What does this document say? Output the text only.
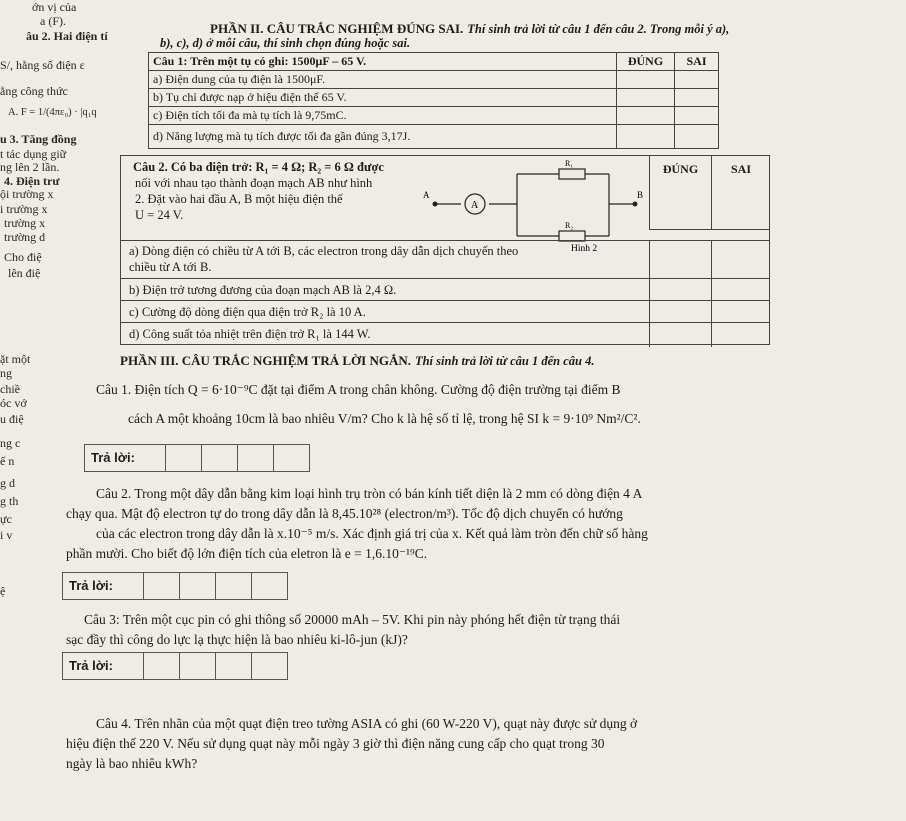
ớn vị của
a (F).
âu 2. Hai điện tí
S/, hằng số điện ε
ằng công thức
A. F = 1/(4πε₀) · |q₁q
u 3. Tăng đồng
t tác dụng giữ
ng lên 2 lần.
4. Điện trư
ội trường x
i trường x
trường x
trường d
Cho điệ
lên điệ
ặt một
ng
chiề
óc vớ
u điệ
ng c
ế n
g d
g th
ực
i v
ệ
PHẦN II. CÂU TRẮC NGHIỆM ĐÚNG SAI. Thí sinh trả lời từ câu 1 đến câu 2. Trong mỗi ý a),
b), c), d) ở mỗi câu, thí sinh chọn đúng hoặc sai.
Câu 1: Trên một tụ có ghi: 1500μF – 65 V.	ĐÚNG	SAI
a) Điện dung của tụ điện là 1500μF.		
b) Tụ chỉ được nạp ở hiệu điện thế 65 V.		
c) Điện tích tối đa mà tụ tích là 9,75mC.		
d) Năng lượng mà tụ tích được tối đa gần đúng 3,17J.		
Câu 2. Có ba điện trở: R₁ = 4 Ω; R₂ = 6 Ω được
nối với nhau tạo thành đoạn mạch AB như hình
2. Đặt vào hai đầu A, B một hiệu điện thế
U = 24 V.
A	B
A
R₁
R₂
Hình 2
ĐÚNG	SAI
a) Dòng điện có chiều từ A tới B, các electron trong dây dẫn dịch chuyển theo
chiều từ A tới B.
b) Điện trở tương đương của đoạn mạch AB là 2,4 Ω.
c) Cường độ dòng điện qua điện trở R₂ là 10 A.
d) Công suất tỏa nhiệt trên điện trở R₁ là 144 W.
PHẦN III. CÂU TRẮC NGHIỆM TRẢ LỜI NGẮN. Thí sinh trả lời từ câu 1 đến câu 4.
Câu 1. Điện tích Q = 6·10⁻⁹C đặt tại điểm A trong chân không. Cường độ điện trường tại điểm B
cách A một khoảng 10cm là bao nhiêu V/m? Cho k là hệ số tỉ lệ, trong hệ SI k = 9·10⁹ Nm²/C².
Trả lời:
Câu 2. Trong một dây dẫn bằng kim loại hình trụ tròn có bán kính tiết diện là 2 mm có dòng điện 4 A
chạy qua. Mật độ electron tự do trong dây dẫn là 8,45.10²⁸ (electron/m³). Tốc độ dịch chuyển có hướng
của các electron trong dây dẫn là x.10⁻⁵ m/s. Xác định giá trị của x. Kết quả làm tròn đến chữ số hàng
phần mười. Cho biết độ lớn điện tích của eletron là e = 1,6.10⁻¹⁹C.
Trả lời:
Câu 3: Trên một cục pin có ghi thông số 20000 mAh – 5V. Khi pin này phóng hết điện từ trạng thái
sạc đầy thì công do lực lạ thực hiện là bao nhiêu ki-lô-jun (kJ)?
Trả lời:
Câu 4. Trên nhãn của một quạt điện treo tường ASIA có ghi (60 W-220 V), quạt này được sử dụng ở
hiệu điện thế 220 V. Nếu sử dụng quạt này mỗi ngày 3 giờ thì điện năng cung cấp cho quạt trong 30
ngày là bao nhiêu kWh?
